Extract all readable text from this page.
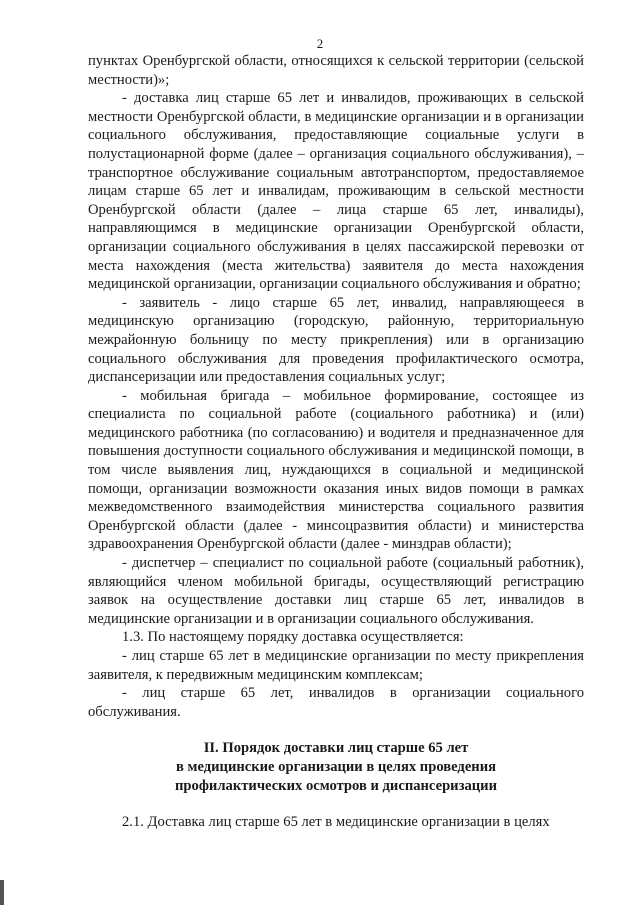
2

пунктах Оренбургской области, относящихся к сельской территории (сельской местности)»;

- доставка лиц старше 65 лет и инвалидов, проживающих в сельской местности Оренбургской области, в медицинские организации и в организации социального обслуживания, предоставляющие социальные услуги в полустационарной форме (далее – организация социального обслуживания), – транспортное обслуживание социальным автотранспортом, предоставляемое лицам старше 65 лет и инвалидам, проживающим в сельской местности Оренбургской области (далее – лица старше 65 лет, инвалиды), направляющимся в медицинские организации Оренбургской области, организации социального обслуживания в целях пассажирской перевозки от места нахождения (места жительства) заявителя до места нахождения медицинской организации, организации социального обслуживания и обратно;

- заявитель - лицо старше 65 лет, инвалид, направляющееся в медицинскую организацию (городскую, районную, территориальную межрайонную больницу по месту прикрепления) или в организацию социального обслуживания для проведения профилактического осмотра, диспансеризации или предоставления социальных услуг;

- мобильная бригада – мобильное формирование, состоящее из специалиста по социальной работе (социального работника) и (или) медицинского работника (по согласованию) и водителя и предназначенное для повышения доступности социального обслуживания и медицинской помощи, в том числе выявления лиц, нуждающихся в социальной и медицинской помощи, организации возможности оказания иных видов помощи в рамках межведомственного взаимодействия министерства социального развития Оренбургской области (далее - минсоцразвития области) и министерства здравоохранения Оренбургской области (далее - минздрав области);

- диспетчер – специалист по социальной работе (социальный работник), являющийся членом мобильной бригады, осуществляющий регистрацию заявок на осуществление доставки лиц старше 65 лет, инвалидов в медицинские организации и в организации социального обслуживания.

1.3. По настоящему порядку доставка осуществляется:

- лиц старше 65 лет в медицинские организации по месту прикрепления заявителя, к передвижным медицинским комплексам;

- лиц старше 65 лет, инвалидов в организации социального обслуживания.

II. Порядок доставки лиц старше 65 лет
в медицинские организации в целях проведения
профилактических осмотров и диспансеризации

2.1. Доставка лиц старше 65 лет в медицинские организации в целях
